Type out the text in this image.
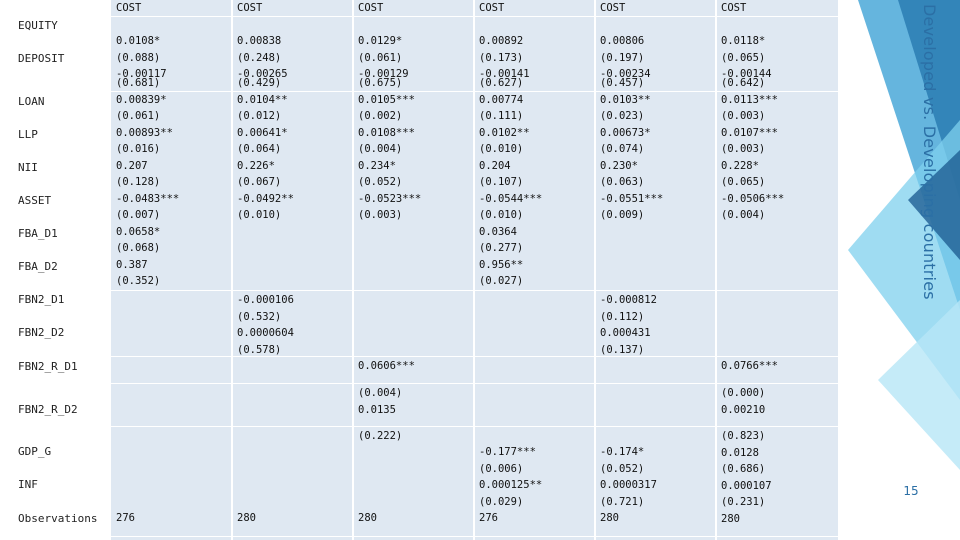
EQUITY
DEPOSIT
LOAN
LLP
NII
ASSET
FBA_D1
FBA_D2
FBN2_D1
FBN2_D2
FBN2_R_D1
FBN2_R_D2
GDP_G
INF
Observations
COST
0.0108*
(0.088)
-0.00117
(0.681)
0.00839*
(0.061)
0.00893**
(0.016)
0.207
(0.128)
-0.0483***
(0.007)
0.0658*
(0.068)
0.387
(0.352)
276
COST
0.00838
(0.248)
-0.00265
(0.429)
0.0104**
(0.012)
0.00641*
(0.064)
0.226*
(0.067)
-0.0492**
(0.010)
-0.000106
(0.532)
0.0000604
(0.578)
280
COST
0.0129*
(0.061)
-0.00129
(0.675)
0.0105***
(0.002)
0.0108***
(0.004)
0.234*
(0.052)
-0.0523***
(0.003)
0.0606***
(0.004)
0.0135
(0.222)
280
COST
0.00892
(0.173)
-0.00141
(0.627)
0.00774
(0.111)
0.0102**
(0.010)
0.204
(0.107)
-0.0544***
(0.010)
0.0364
(0.277)
0.956**
(0.027)
-0.177***
(0.006)
0.000125**
(0.029)
276
COST
0.00806
(0.197)
-0.00234
(0.457)
0.0103**
(0.023)
0.00673*
(0.074)
0.230*
(0.063)
-0.0551***
(0.009)
-0.000812
(0.112)
0.000431
(0.137)
-0.174*
(0.052)
0.0000317
(0.721)
280
COST
0.0118*
(0.065)
-0.00144
(0.642)
0.0113***
(0.003)
0.0107***
(0.003)
0.228*
(0.065)
-0.0506***
(0.004)
0.0766***
(0.000)
0.00210
(0.823)
0.0128
(0.686)
0.000107
(0.231)
280
Developed vs. Developing countries
15
